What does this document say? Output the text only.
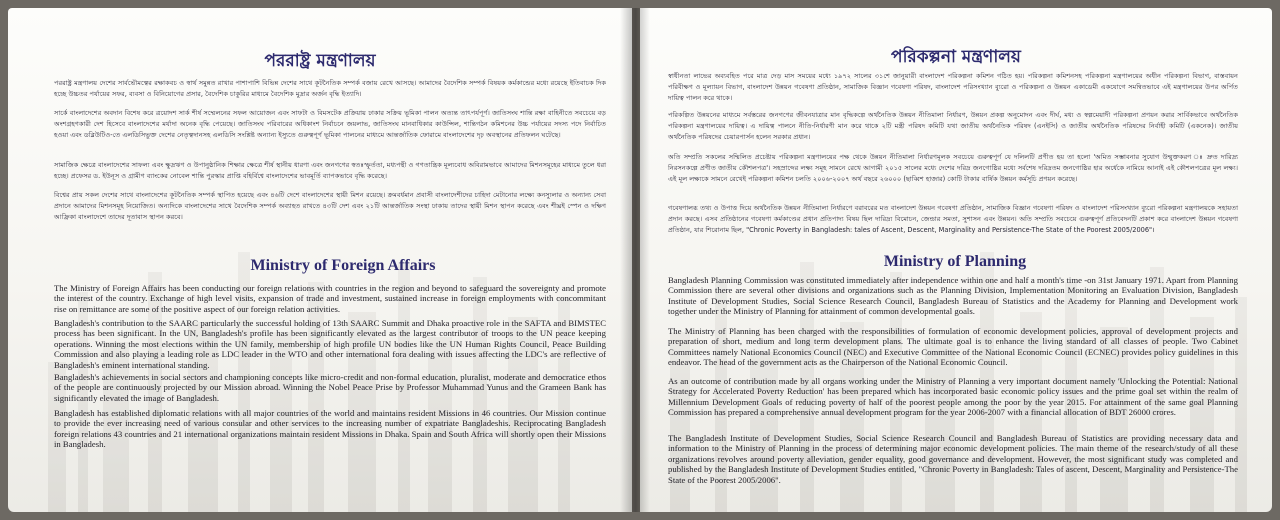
পররাষ্ট্র মন্ত্রণালয়

পররাষ্ট্র মন্ত্রণালয় দেশের সার্বভৌমত্বের রক্ষাকবচ ও স্বার্থ সমুন্নত রাখার পাশাপাশি বিভিন্ন দেশের সাথে কূটনৈতিক সম্পর্ক বজায় রেখে আসছে। আমাদের বৈদেশিক সম্পর্ক বিষয়ক কর্মকান্ডের মধ্যে রয়েছে ইতিবাচক দিক হচ্ছে উচ্চতর পর্যায়ের সফর, ব্যবসা ও বিনিয়োগের প্রসার, বৈদেশিক চাকুরির মাধ্যমে বৈদেশিক মুদ্রার অর্জন বৃদ্ধি ইত্যাদি।

সার্কে বাংলাদেশের অবদান বিশেষ করে ত্রয়োদশ সার্ক শীর্ষ সম্মেলনের সফল আয়োজন এবং সাফটা ও বিমসটেক প্রক্রিয়ায় ঢাকার সক্রিয় ভূমিকা পালন অত্যন্ত তাৎপর্যপূর্ণ। জাতিসংঘ শান্তি রক্ষা বাহিনীতে সবচেয়ে বড় অংশগ্রহণকারী দেশ হিসেবে বাংলাদেশের মর্যাদা অনেক বৃদ্ধি পেয়েছে। জাতিসংঘ পরিবারের অধিকাংশ নির্বাচনে জয়লাভ, জাতিসংঘ মানবাধিকার কাউন্সিল, শান্তিগঠন কমিশনের উচ্চ পর্যায়ের সদস্য পদে নির্বাচিত হওয়া এবং ডব্লিউটিও-তে এলডিসিভুক্ত দেশের নেতৃত্বদানসহ এলডিসি সংশ্লিষ্ট অন্যান্য ইস্যুতে গুরুত্বপূর্ণ ভূমিকা পালনের মাধ্যমে আন্তর্জাতিক ফোরামে বাংলাদেশের দৃঢ় অবস্থানের প্রতিফলন ঘটেছে।

সামাজিক ক্ষেত্রে বাংলাদেশের সাফল্য এবং ক্ষুদ্রঋণ ও উপানুষ্ঠানিক শিক্ষার ক্ষেত্রে শীর্ষ স্থানীয় ধারণা এবং জনগণের স্বতঃস্ফূর্ততা, মধ্যপন্থী ও গণতান্ত্রিক মূল্যবোধ অবিরামভাবে আমাদের মিশনসমূহের মাধ্যমে তুলে ধরা হচ্ছে। প্রফেসর ড. ইউনূস ও গ্রামীণ ব্যাংকের নোবেল শান্তি পুরস্কার প্রাপ্তি বহির্বিশ্বে বাংলাদেশের ভাবমূর্তি ব্যাপকভাবে বৃদ্ধি করেছে।

বিশ্বের প্রায় সকল দেশের সাথে বাংলাদেশের কূটনৈতিক সম্পর্ক স্থাপিত হয়েছে এবং ৪৬টি দেশে বাংলাদেশের স্থায়ী মিশন রয়েছে। ক্রমবর্ধমান প্রবাসী বাংলাদেশীদের চাহিদা মেটানোর লক্ষ্যে কনস্যুলার ও অন্যান্য সেবা প্রদানে আমাদের মিশনসমূহ নিয়োজিত। অন্যদিকে বাংলাদেশের সাথে বৈদেশিক সম্পর্ক অব্যাহত রাখতে ৪৩টি দেশ এবং ২১টি আন্তর্জাতিক সংস্থা ঢাকায় তাদের স্থায়ী মিশন স্থাপন করেছে এবং শীঘ্রই স্পেন ও দক্ষিণ আফ্রিকা বাংলাদেশে তাদের দূতাবাস স্থাপন করবে।

Ministry of Foreign Affairs

The Ministry of Foreign Affairs has been conducting our foreign relations with countries in the region and beyond to safeguard the sovereignty and promote the interest of the country. Exchange of high level visits, expansion of trade and investment, sustained increase in foreign employments with concommitant rise on remittance are some of the positive aspect of our foreign relation activities.

Bangladesh's contribution to the SAARC particularly the successful holding of 13th SAARC Summit and Dhaka proactive role in the SAFTA and BIMSTEC process has been significant. In the UN, Bangladesh's profile has been significantly elevated as the largest contributor of troops to the UN peace keeping operations. Winning the most elections within the UN family, membership of high profile UN bodies like the UN Human Rights Council, Peace Building Commission and also playing a leading role as LDC leader in the WTO and other international fora dealing with issues affecting the LDC's are reflective of Bangladesh's eminent international standing.

Bangladesh's achievements in social sectors and championing concepts like micro-credit and non-formal education, pluralist, moderate and democratice ethos of the people are continuously projected by our Mission abroad. Winning the Nobel Peace Prise by Professor Muhammad Yunus and the Grameen Bank has significantly elevated the image of Bangladesh.

Bangladesh has established diplomatic relations with all major countries of the world and maintains resident Missions in 46 countries. Our Mission continue to provide the ever increasing need of various consular and other services to the increasing number of expatriate Bangladeshis. Reciprocating Bangladesh foreign relations 43 countries and 21 international organizations maintain resident Missions in Dhaka. Spain and South Africa will shortly open their Missions in Bangladesh.

পরিকল্পনা মন্ত্রণালয়

স্বাধীনতা লাভের অব্যবহিত পরে মাত্র দেড় মাস সময়ের মধ্যে ১৯৭২ সালের ৩১শে জানুয়ারী বাংলাদেশ পরিকল্পনা কমিশন গঠিত হয়। পরিকল্পনা কমিশনসহ পরিকল্পনা মন্ত্রণালয়ের অধীন পরিকল্পনা বিভাগ, বাস্তবায়ন পরিবীক্ষণ ও মূল্যায়ন বিভাগ, বাংলাদেশ উন্নয়ন গবেষণা প্রতিষ্ঠান, সামাজিক বিজ্ঞান গবেষণা পরিষদ, বাংলাদেশ পরিসংখ্যান ব্যুরো ও পরিকল্পনা ও উন্নয়ন একাডেমী একযোগে সমন্বিতভাবে এই মন্ত্রণালয়ের উপর অর্পিত দায়িত্ব পালন করে থাকে।

পরিকল্পিত উন্নয়নের মাধ্যমে সর্বস্তরের জনগণের জীবনযাত্রার মান বৃদ্ধিকল্পে অর্থনৈতিক উন্নয়ন নীতিমালা নির্ধারণ, উন্নয়ন প্রকল্প অনুমোদন এবং দীর্ঘ, মধ্য ও স্বল্পমেয়াদী পরিকল্পনা প্রণয়ন করার সার্বিকভাবে অর্থনৈতিক পরিকল্পনা মন্ত্রণালয়ের দায়িত্ব। এ দায়িত্ব পালনে নীতি-নির্ধারণী মান করে থাকে ২টি মন্ত্রী পরিষদ কমিটি যথা জাতীয় অর্থনৈতিক পরিষদ (এনইসি) ও জাতীয় অর্থনৈতিক পরিষদের নির্বাহী কমিটি (একনেক)। জাতীয় অর্থনৈতিক পরিষদের চেয়ারপার্সন হলেন সরকার প্রধান।

অতি সম্প্রতি সকলের সম্মিলিত প্রচেষ্টায় পরিকল্পনা মন্ত্রণালয়ের পক্ষ থেকে উন্নয়ন নীতিমালা নির্ধারণমূলক সবচেয়ে গুরুত্বপূর্ণ যে দলিলটি প্রণীত হয় তা হলো 'অমিত সম্ভাবনার সুযোগ উন্মুক্তকরণ ঃ দ্রুত দারিদ্র্য নিরসনকল্পে প্রণীত জাতীয় কৌশলপত্র'। সহস্রাব্দের লক্ষ্য সমূহ সামনে রেখে আগামী ২০১৫ সালের মধ্যে দেশের দরিদ্র জনগোষ্ঠির মধ্যে সর্বশেষ দরিদ্রতম জনগোষ্ঠির হার অর্ধেকে নামিয়ে আনাই এই কৌশলপত্রের মূল লক্ষ্য। এই মূল লক্ষ্যকে সামনে রেখেই পরিকল্পনা কমিশন চলতি ২০০৬-২০০৭ অর্থ বছরে ২৬০০০ (ছাব্বিশ হাজার) কোটি টাকার বার্ষিক উন্নয়ন কর্মসূচি প্রণয়ন করেছে।

গবেষণালব্ধ তথ্য ও উপাত্ত দিয়ে অর্থনৈতিক উন্নয়ন নীতিমালা নির্ধারণে বরাবরের মত বাংলাদেশ উন্নয়ন গবেষণা প্রতিষ্ঠান, সামাজিক বিজ্ঞান গবেষণা পরিষদ ও বাংলাদেশ পরিসংখ্যান ব্যুরো পরিকল্পনা মন্ত্রণালয়কে সহায়তা প্রদান করছে। এসব প্রতিষ্ঠানের গবেষণা কর্মকাণ্ডের প্রধান প্রতিপাদ্য বিষয় ছিল দারিদ্র্য বিমোচন, জেন্ডার সমতা, সুশাসন এবং উন্নয়ন। অতি সম্প্রতি সবচেয়ে গুরুত্বপূর্ণ প্রতিবেদনটি প্রকাশ করে বাংলাদেশ উন্নয়ন গবেষণা প্রতিষ্ঠান, যার শিরোনাম ছিল, "Chronic Poverty in Bangladesh: tales of Ascent, Descent, Marginality and Persistence-The State of the Poorest 2005/2006"।

Ministry of Planning

Bangladesh Planning Commission was constituted immediately after independence within one and half a month's time -on 31st January 1971. Apart from Planning Commission there are several other divisions and organizations such as the Planning Division, Implementation Monitoring an Evaluation Division, Bangladesh Institute of Development Studies, Social Science Research Council, Bangladesh Bureau of Statistics and the Academy for Planning and Development work together under the Ministry of Planning for attainment of common developmental goals.

The Ministry of Planning has been charged with the responsibilities of formulation of economic development policies, approval of development projects and preparation of short, medium and long term development plans. The ultimate goal is to enhance the living standard of all classes of people. Two Cabinet Committees namely National Economics Council (NEC) and Executive Committee of the National Economic Council (ECNEC) provides policy guidelines in this endeavor. The head of the government acts as the Chairperson of the National Economic Council.

As an outcome of contribution made by all organs working under the Ministry of Planning a very important document namely 'Unlocking the Potential: National Strategy for Accelerated Poverty Reduction' has been prepared which has incorporated basic economic policy issues and the prime goal set within the realm of Millennium Development Goals of reducing poverty of half of the poorest people among the poor by the year 2015. For attainment of the same goal Planning Commission has prepared a comprehensive annual development program for the year 2006-2007 with a financial allocation of BDT 26000 crores.

The Bangladesh Institute of Development Studies, Social Science Research Council and Bangladesh Bureau of Statistics are providing necessary data and information to the Ministry of Planning in the process of determining major economic development policies. The main theme of the research/study of all these organizations revolves around poverty alleviation, gender equality, good governance and development. However, the most significant study was completed and published by the Bangladesh Institute of Development Studies entitled, "Chronic Poverty in Bangladesh: Tales of ascent, Descent, Marginality and Persistence-The State of the Poorest 2005/2006".
